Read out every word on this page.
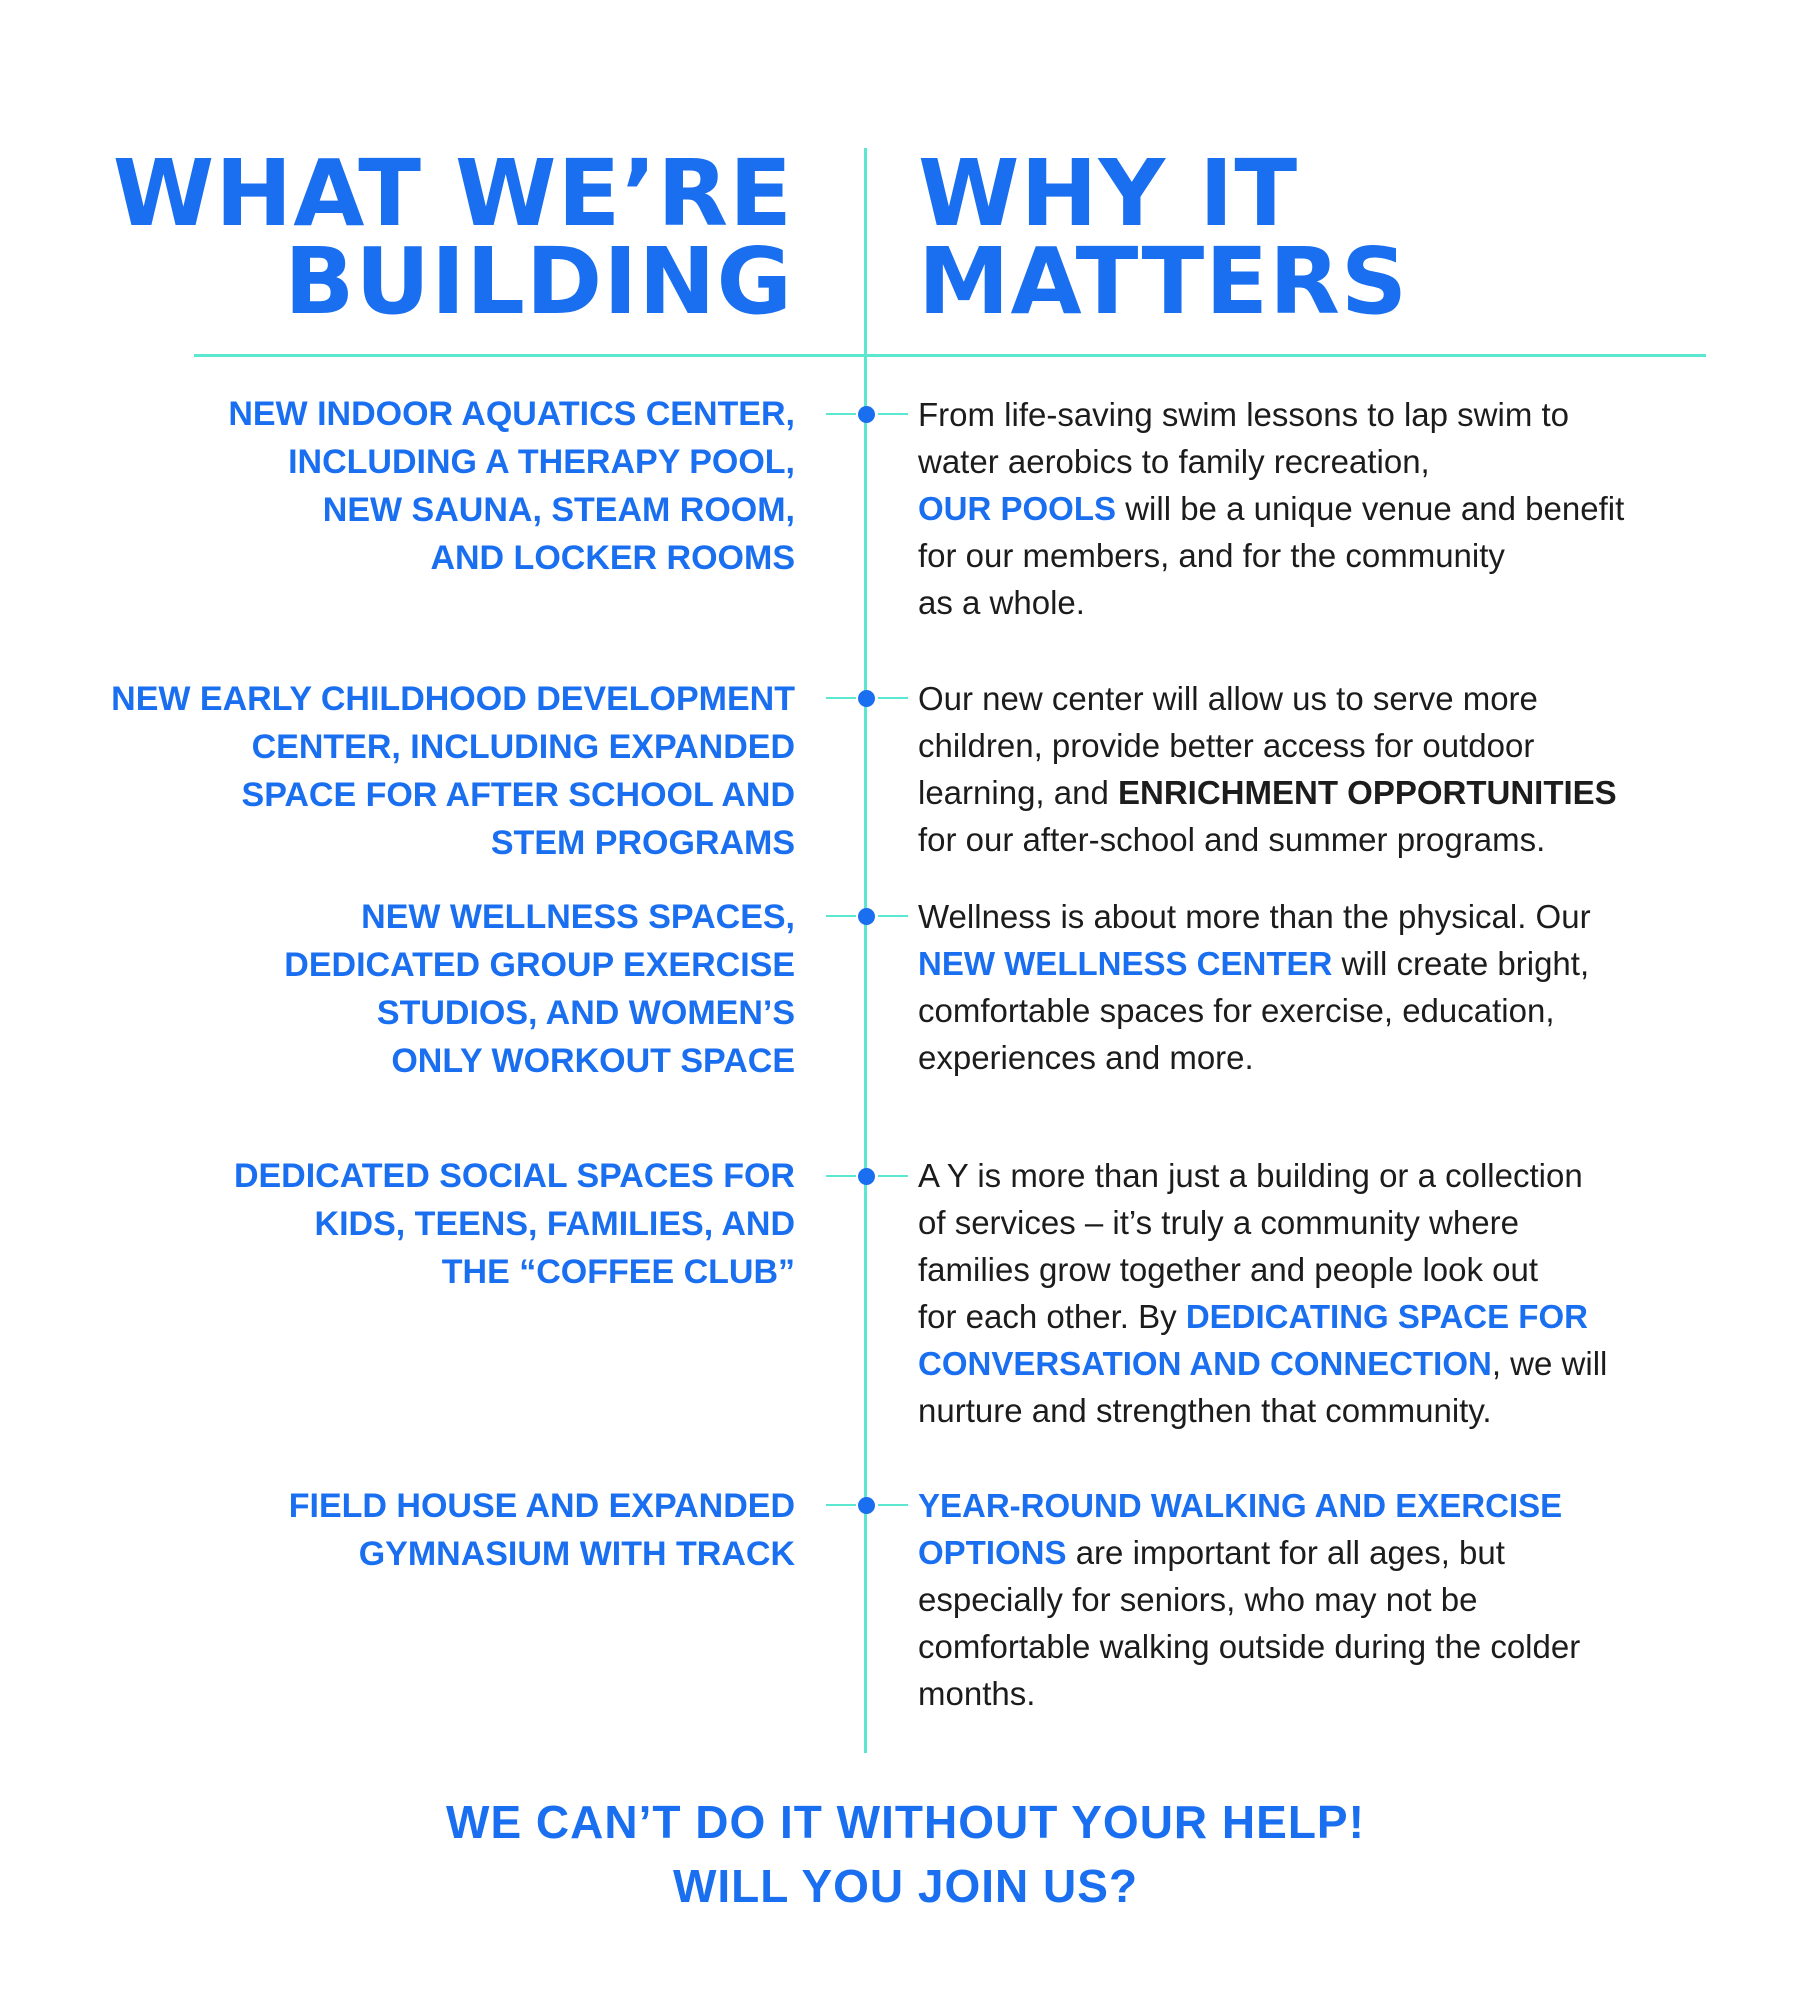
WHAT WE’RE
BUILDING
WHY IT
MATTERS
NEW INDOOR AQUATICS CENTER,
INCLUDING A THERAPY POOL,
NEW SAUNA, STEAM ROOM,
AND LOCKER ROOMS
From life-saving swim lessons to lap swim to
water aerobics to family recreation,
OUR POOLS will be a unique venue and benefit
for our members, and for the community
as a whole.
NEW EARLY CHILDHOOD DEVELOPMENT
CENTER, INCLUDING EXPANDED
SPACE FOR AFTER SCHOOL AND
STEM PROGRAMS
Our new center will allow us to serve more
children, provide better access for outdoor
learning, and ENRICHMENT OPPORTUNITIES
for our after-school and summer programs.
NEW WELLNESS SPACES,
DEDICATED GROUP EXERCISE
STUDIOS, AND WOMEN’S
ONLY WORKOUT SPACE
Wellness is about more than the physical. Our
NEW WELLNESS CENTER will create bright,
comfortable spaces for exercise, education,
experiences and more.
DEDICATED SOCIAL SPACES FOR
KIDS, TEENS, FAMILIES, AND
THE “COFFEE CLUB”
A Y is more than just a building or a collection
of services – it’s truly a community where
families grow together and people look out
for each other. By DEDICATING SPACE FOR
CONVERSATION AND CONNECTION, we will
nurture and strengthen that community.
FIELD HOUSE AND EXPANDED
GYMNASIUM WITH TRACK
YEAR-ROUND WALKING AND EXERCISE
OPTIONS are important for all ages, but
especially for seniors, who may not be
comfortable walking outside during the colder
months.
WE CAN’T DO IT WITHOUT YOUR HELP!
WILL YOU JOIN US?
